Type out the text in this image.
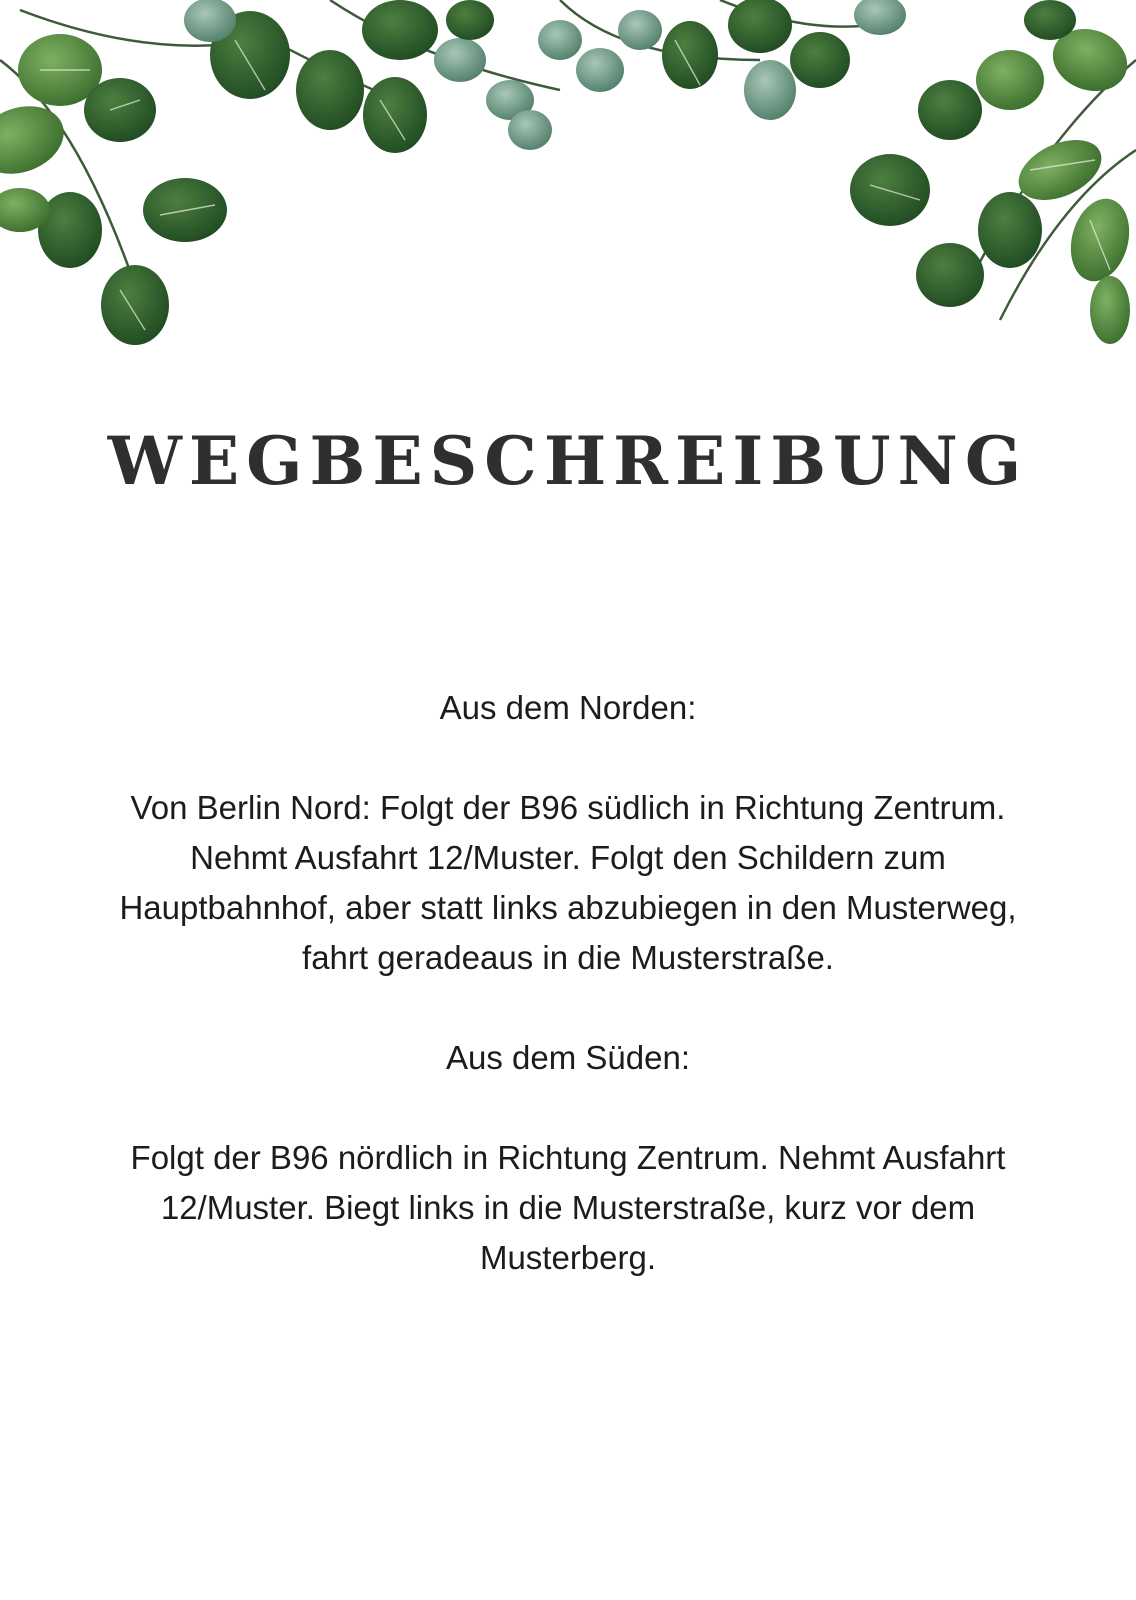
WEGBESCHREIBUNG

Aus dem Norden:

Von Berlin Nord: Folgt der B96 südlich in Richtung Zentrum. Nehmt Ausfahrt 12/Muster. Folgt den Schildern zum Hauptbahnhof, aber statt links abzubiegen in den Musterweg, fahrt geradeaus in die Musterstraße.

Aus dem Süden:

Folgt der B96 nördlich in Richtung Zentrum. Nehmt Ausfahrt 12/Muster. Biegt links in die Musterstraße, kurz vor dem Musterberg.
